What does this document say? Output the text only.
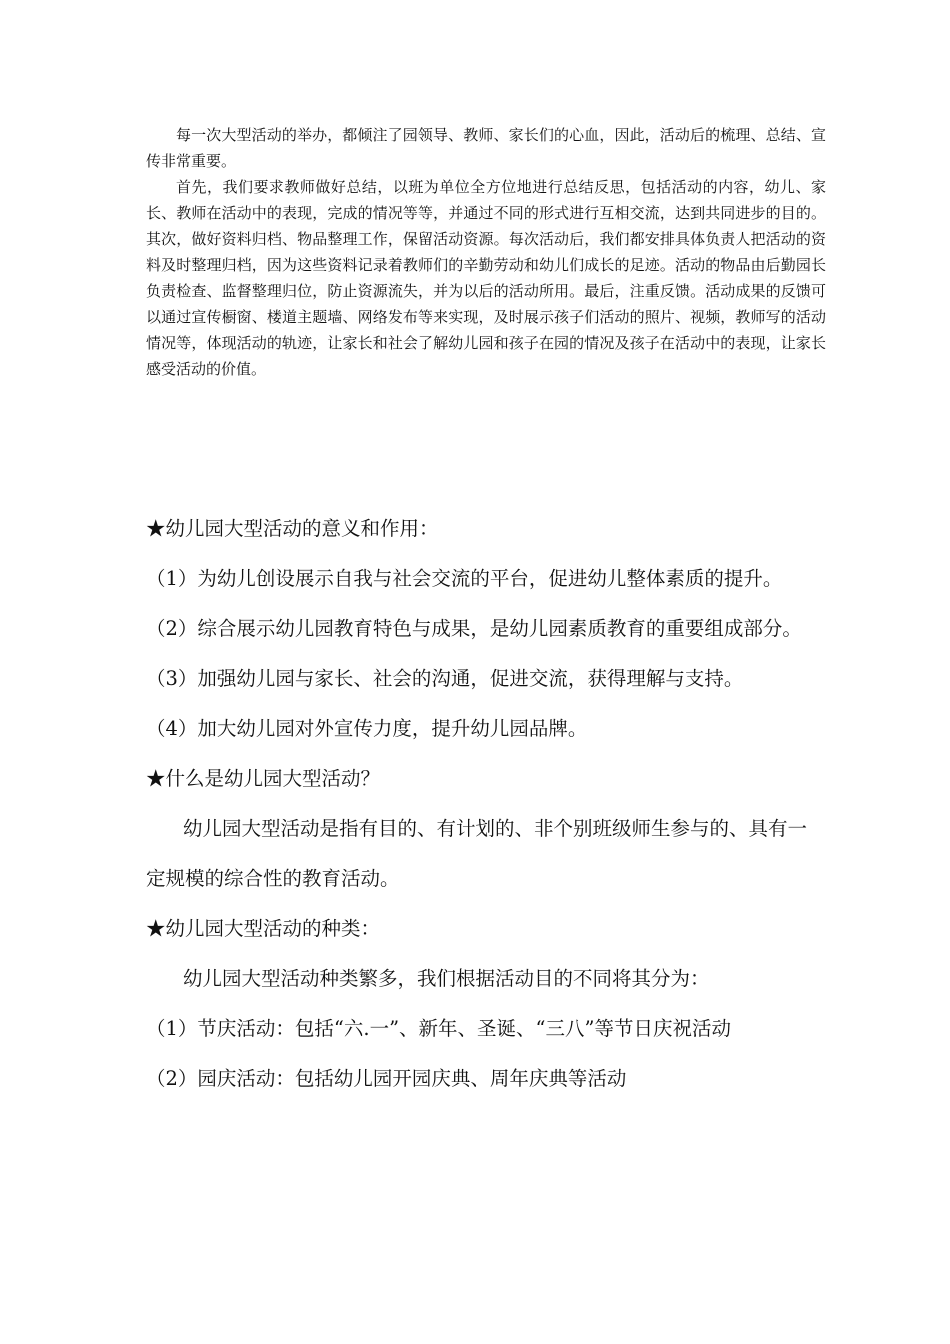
每一次大型活动的举办，都倾注了园领导、教师、家长们的心血，因此，活动后的梳理、总结、宣传非常重要。

首先，我们要求教师做好总结，以班为单位全方位地进行总结反思，包括活动的内容，幼儿、家长、教师在活动中的表现，完成的情况等等，并通过不同的形式进行互相交流，达到共同进步的目的。其次，做好资料归档、物品整理工作，保留活动资源。每次活动后，我们都安排具体负责人把活动的资料及时整理归档，因为这些资料记录着教师们的辛勤劳动和幼儿们成长的足迹。活动的物品由后勤园长负责检查、监督整理归位，防止资源流失，并为以后的活动所用。最后，注重反馈。活动成果的反馈可以通过宣传橱窗、楼道主题墙、网络发布等来实现，及时展示孩子们活动的照片、视频，教师写的活动情况等，体现活动的轨迹，让家长和社会了解幼儿园和孩子在园的情况及孩子在活动中的表现，让家长感受活动的价值。

★幼儿园大型活动的意义和作用：

（1）为幼儿创设展示自我与社会交流的平台，促进幼儿整体素质的提升。

（2）综合展示幼儿园教育特色与成果，是幼儿园素质教育的重要组成部分。

（3）加强幼儿园与家长、社会的沟通，促进交流，获得理解与支持。

（4）加大幼儿园对外宣传力度，提升幼儿园品牌。

★什么是幼儿园大型活动？

幼儿园大型活动是指有目的、有计划的、非个别班级师生参与的、具有一定规模的综合性的教育活动。

★幼儿园大型活动的种类：

幼儿园大型活动种类繁多，我们根据活动目的不同将其分为：

（1）节庆活动：包括“六.一”、新年、圣诞、“三八”等节日庆祝活动

（2）园庆活动：包括幼儿园开园庆典、周年庆典等活动
